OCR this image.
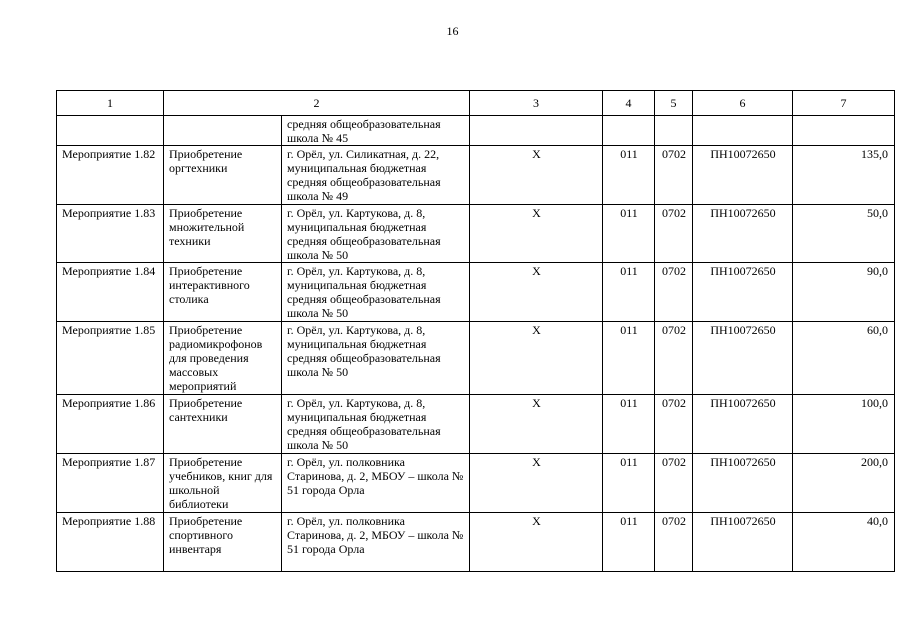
16
1	2		3	4	5	6	7
		средняя общеобразовательная школа № 45					
Мероприятие 1.82	Приобретение оргтехники	г. Орёл, ул. Силикатная, д. 22, муниципальная бюджетная средняя общеобразовательная школа № 49	Х	011	0702	ПН10072650	135,0
Мероприятие 1.83	Приобретение множительной техники	г. Орёл, ул. Картукова, д. 8, муниципальная бюджетная средняя общеобразовательная школа № 50	Х	011	0702	ПН10072650	50,0
Мероприятие 1.84	Приобретение интерактивного столика	г. Орёл, ул. Картукова, д. 8, муниципальная бюджетная средняя общеобразовательная школа № 50	Х	011	0702	ПН10072650	90,0
Мероприятие 1.85	Приобретение радиомикрофонов для проведения массовых мероприятий	г. Орёл, ул. Картукова, д. 8, муниципальная бюджетная средняя общеобразовательная школа № 50	Х	011	0702	ПН10072650	60,0
Мероприятие 1.86	Приобретение сантехники	г. Орёл, ул. Картукова, д. 8, муниципальная бюджетная средняя общеобразовательная школа № 50	Х	011	0702	ПН10072650	100,0
Мероприятие 1.87	Приобретение учебников, книг для школьной библиотеки	г. Орёл, ул. полковника Старинова, д. 2, МБОУ – школа № 51 города Орла	Х	011	0702	ПН10072650	200,0
Мероприятие 1.88	Приобретение спортивного инвентаря	г. Орёл, ул. полковника Старинова, д. 2, МБОУ – школа № 51 города Орла	Х	011	0702	ПН10072650	40,0
